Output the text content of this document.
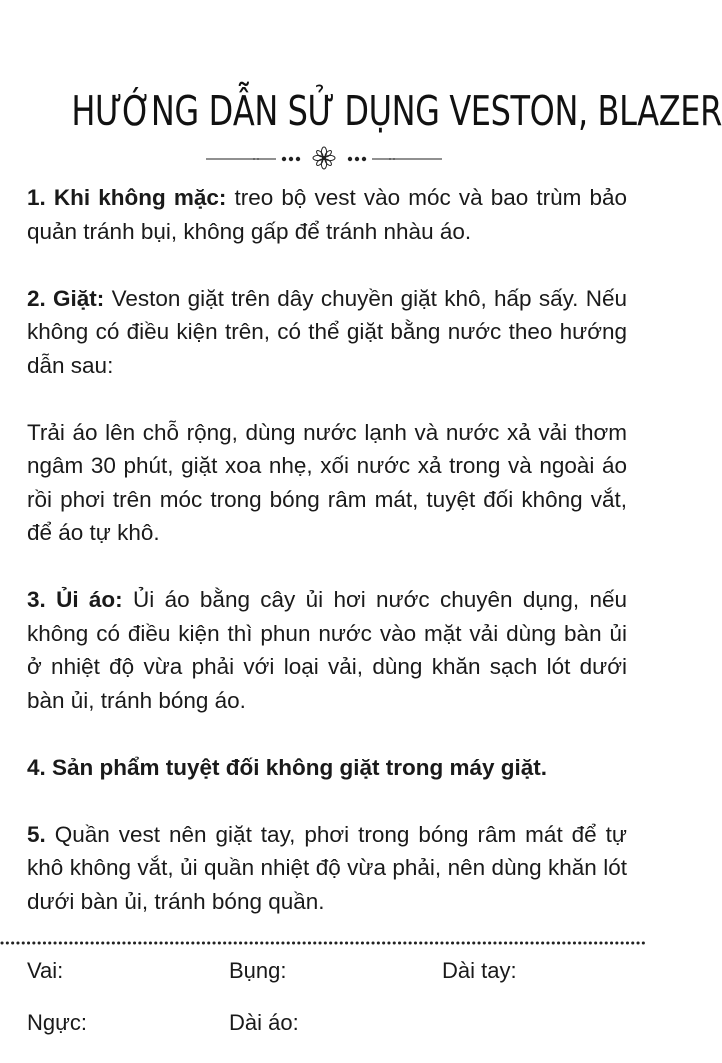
HƯỚNG DẪN SỬ DỤNG VESTON, BLAZER

1. Khi không mặc: treo bộ vest vào móc và bao trùm bảo quản tránh bụi, không gấp để tránh nhàu áo.

2. Giặt: Veston giặt trên dây chuyền giặt khô, hấp sấy. Nếu không có điều kiện trên, có thể giặt bằng nước theo hướng dẫn sau:

Trải áo lên chỗ rộng, dùng nước lạnh và nước xả vải thơm ngâm 30 phút, giặt xoa nhẹ, xối nước xả trong và ngoài áo rồi phơi trên móc trong bóng râm mát, tuyệt đối không vắt, để áo tự khô.

3. Ủi áo: Ủi áo bằng cây ủi hơi nước chuyên dụng, nếu không có điều kiện thì phun nước vào mặt vải dùng bàn ủi ở nhiệt độ vừa phải với loại vải, dùng khăn sạch lót dưới bàn ủi, tránh bóng áo.

4. Sản phẩm tuyệt đối không giặt trong máy giặt.

5. Quần vest nên giặt tay, phơi trong bóng râm mát để tự khô không vắt, ủi quần nhiệt độ vừa phải, nên dùng khăn lót dưới bàn ủi, tránh bóng quần.

Vai:	Bụng:	Dài tay:
Ngực:	Dài áo:
